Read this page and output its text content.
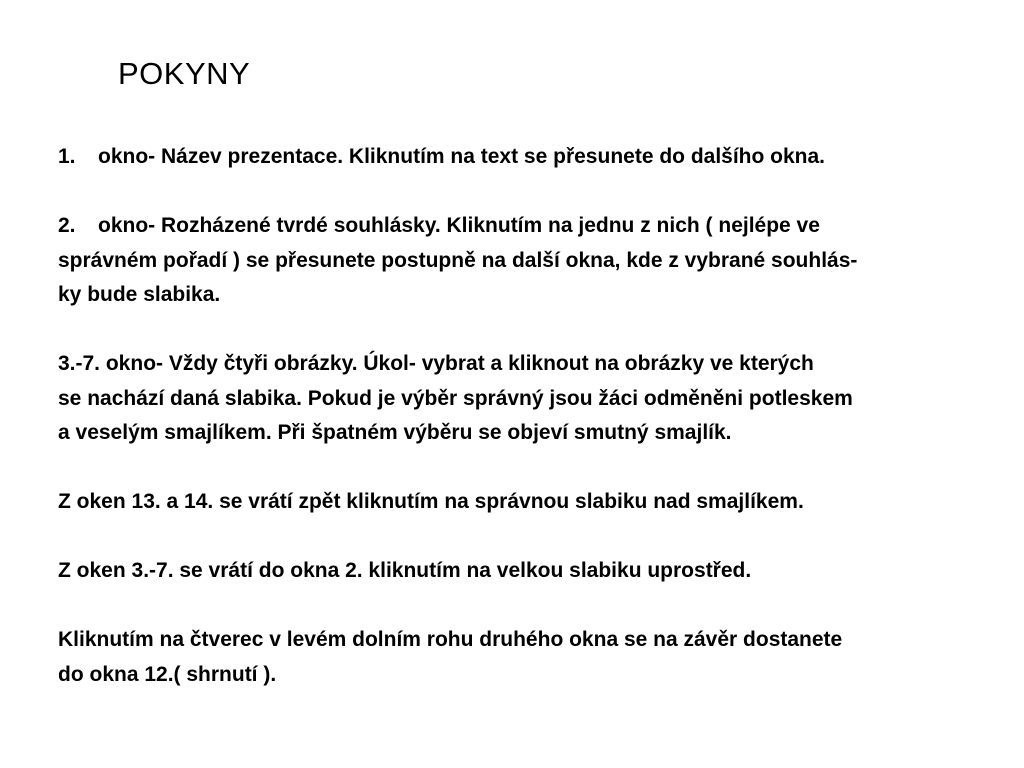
POKYNY
1. okno- Název prezentace. Kliknutím na text se přesunete do dalšího okna.
2. okno- Rozházené tvrdé souhlásky. Kliknutím na jednu z nich ( nejlépe ve
správném pořadí ) se přesunete postupně na další okna, kde z vybrané souhlás-
ky bude slabika.
3.-7. okno- Vždy čtyři obrázky. Úkol- vybrat a kliknout na obrázky ve kterých
se nachází daná slabika. Pokud je výběr správný jsou žáci odměněni potleskem
a veselým smajlíkem. Při špatném výběru se objeví smutný smajlík.
Z oken 13. a 14. se vrátí zpět kliknutím na správnou slabiku nad smajlíkem.
Z oken 3.-7. se vrátí do okna 2. kliknutím na velkou slabiku uprostřed.
Kliknutím na čtverec v levém dolním rohu druhého okna se na závěr dostanete
do okna 12.( shrnutí ).
